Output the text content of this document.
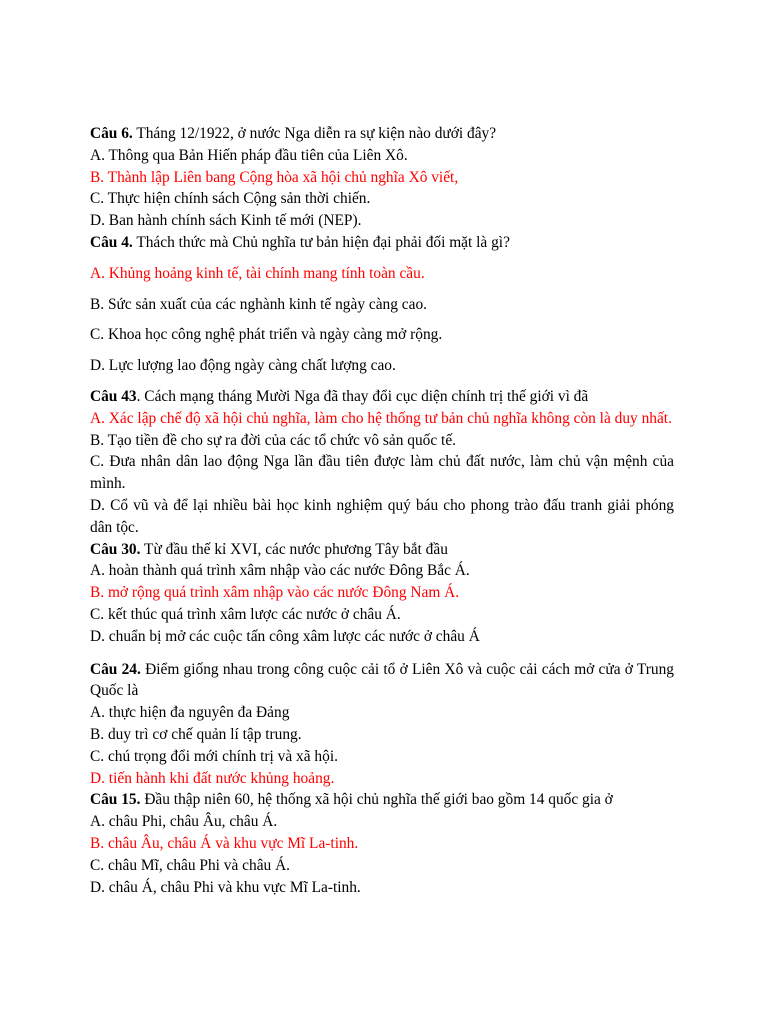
Câu 6. Tháng 12/1922, ở nước Nga diễn ra sự kiện nào dưới đây?
A. Thông qua Bản Hiến pháp đầu tiên của Liên Xô.
B. Thành lập Liên bang Cộng hòa xã hội chủ nghĩa Xô viết,
C. Thực hiện chính sách Cộng sản thời chiến.
D. Ban hành chính sách Kinh tế mới (NEP).
Câu 4. Thách thức mà Chủ nghĩa tư bản hiện đại phải đối mặt là gì?
A. Khủng hoảng kinh tế, tài chính mang tính toàn cầu.
B. Sức sản xuất của các nghành kinh tế ngày càng cao.
C. Khoa học công nghệ phát triển và ngày càng mở rộng.
D. Lực lượng lao động ngày càng chất lượng cao.
Câu 43. Cách mạng tháng Mười Nga đã thay đổi cục diện chính trị thế giới vì đã
A. Xác lập chế độ xã hội chủ nghĩa, làm cho hệ thống tư bản chủ nghĩa không còn là duy nhất.
B. Tạo tiền đề cho sự ra đời của các tổ chức vô sản quốc tế.
C. Đưa nhân dân lao động Nga lần đầu tiên được làm chủ đất nước, làm chủ vận mệnh của mình.
D. Cổ vũ và để lại nhiều bài học kinh nghiệm quý báu cho phong trào đấu tranh giải phóng dân tộc.
Câu 30. Từ đầu thế kỉ XVI, các nước phương Tây bắt đầu
A. hoàn thành quá trình xâm nhập vào các nước Đông Bắc Á.
B. mở rộng quá trình xâm nhập vào các nước Đông Nam Á.
C. kết thúc quá trình xâm lược các nước ở châu Á.
D. chuẩn bị mở các cuộc tấn công xâm lược các nước ở châu Á
Câu 24. Điểm giống nhau trong công cuộc cải tổ ở Liên Xô và cuộc cải cách mở cửa ở Trung Quốc là
A. thực hiện đa nguyên đa Đảng
B. duy trì cơ chế quản lí tập trung.
C. chú trọng đổi mới chính trị và xã hội.
D. tiến hành khi đất nước khủng hoảng.
Câu 15. Đầu thập niên 60, hệ thống xã hội chủ nghĩa thế giới bao gồm 14 quốc gia ở
A. châu Phi, châu Âu, châu Á.
B. châu Âu, châu Á và khu vực Mĩ La-tinh.
C. châu Mĩ, châu Phi và châu Á.
D. châu Á, châu Phi và khu vực Mĩ La-tinh.
